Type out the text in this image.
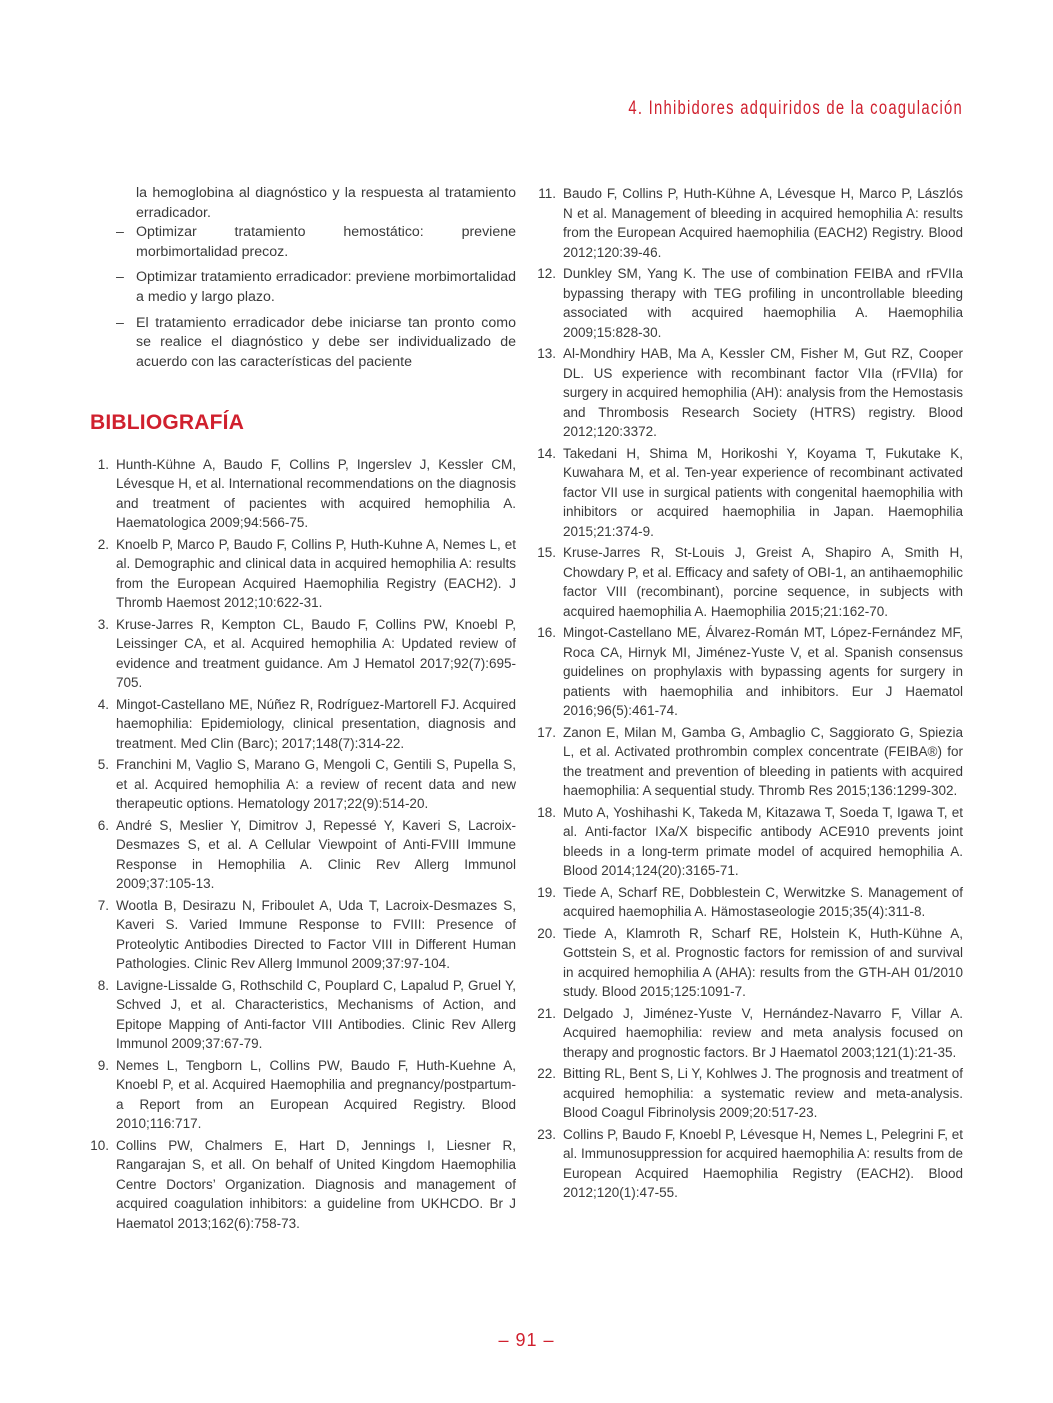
4. Inhibidores adquiridos de la coagulación

la hemoglobina al diagnóstico y la respuesta al tratamiento erradicador.

– Optimizar tratamiento hemostático: previene morbimortalidad precoz.
– Optimizar tratamiento erradicador: previene morbimortalidad a medio y largo plazo.
– El tratamiento erradicador debe iniciarse tan pronto como se realice el diagnóstico y debe ser individualizado de acuerdo con las características del paciente
BIBLIOGRAFÍA
1. Hunth-Kühne A, Baudo F, Collins P, Ingerslev J, Kessler CM, Lévesque H, et al. International recommendations on the diagnosis and treatment of pacientes with acquired hemophilia A. Haematologica 2009;94:566-75.
2. Knoelb P, Marco P, Baudo F, Collins P, Huth-Kuhne A, Nemes L, et al. Demographic and clinical data in acquired hemophilia A: results from the European Acquired Haemophilia Registry (EACH2). J Thromb Haemost 2012;10:622-31.
3. Kruse-Jarres R, Kempton CL, Baudo F, Collins PW, Knoebl P, Leissinger CA, et al. Acquired hemophilia A: Updated review of evidence and treatment guidance. Am J Hematol 2017;92(7):695-705.
4. Mingot-Castellano ME, Núñez R, Rodríguez-Martorell FJ. Acquired haemophilia: Epidemiology, clinical presentation, diagnosis and treatment. Med Clin (Barc); 2017;148(7):314-22.
5. Franchini M, Vaglio S, Marano G, Mengoli C, Gentili S, Pupella S, et al. Acquired hemophilia A: a review of recent data and new therapeutic options. Hematology 2017;22(9):514-20.
6. André S, Meslier Y, Dimitrov J, Repessé Y, Kaveri S, Lacroix-Desmazes S, et al. A Cellular Viewpoint of Anti-FVIII Immune Response in Hemophilia A. Clinic Rev Allerg Immunol 2009;37:105-13.
7. Wootla B, Desirazu N, Friboulet A, Uda T, Lacroix-Desmazes S, Kaveri S. Varied Immune Response to FVIII: Presence of Proteolytic Antibodies Directed to Factor VIII in Different Human Pathologies. Clinic Rev Allerg Immunol 2009;37:97-104.
8. Lavigne-Lissalde G, Rothschild C, Pouplard C, Lapalud P, Gruel Y, Schved J, et al. Characteristics, Mechanisms of Action, and Epitope Mapping of Anti-factor VIII Antibodies. Clinic Rev Allerg Immunol 2009;37:67-79.
9. Nemes L, Tengborn L, Collins PW, Baudo F, Huth-Kuehne A, Knoebl P, et al. Acquired Haemophilia and pregnancy/postpartum- a Report from an European Acquired Registry. Blood 2010;116:717.
10. Collins PW, Chalmers E, Hart D, Jennings I, Liesner R, Rangarajan S, et all. On behalf of United Kingdom Haemophilia Centre Doctors’ Organization. Diagnosis and management of acquired coagulation inhibitors: a guideline from UKHCDO. Br J Haematol 2013;162(6):758-73.
11. Baudo F, Collins P, Huth-Kühne A, Lévesque H, Marco P, Lászlós N et al. Management of bleeding in acquired hemophilia A: results from the European Acquired haemophilia (EACH2) Registry. Blood 2012;120:39-46.
12. Dunkley SM, Yang K. The use of combination FEIBA and rFVIIa bypassing therapy with TEG profiling in uncontrollable bleeding associated with acquired haemophilia A. Haemophilia 2009;15:828-30.
13. Al-Mondhiry HAB, Ma A, Kessler CM, Fisher M, Gut RZ, Cooper DL. US experience with recombinant factor VIIa (rFVIIa) for surgery in acquired hemophilia (AH): analysis from the Hemostasis and Thrombosis Research Society (HTRS) registry. Blood 2012;120:3372.
14. Takedani H, Shima M, Horikoshi Y, Koyama T, Fukutake K, Kuwahara M, et al. Ten-year experience of recombinant activated factor VII use in surgical patients with congenital haemophilia with inhibitors or acquired haemophilia in Japan. Haemophilia 2015;21:374-9.
15. Kruse-Jarres R, St-Louis J, Greist A, Shapiro A, Smith H, Chowdary P, et al. Efficacy and safety of OBI-1, an antihaemophilic factor VIII (recombinant), porcine sequence, in subjects with acquired haemophilia A. Haemophilia 2015;21:162-70.
16. Mingot-Castellano ME, Álvarez-Román MT, López-Fernández MF, Roca CA, Hirnyk MI, Jiménez-Yuste V, et al. Spanish consensus guidelines on prophylaxis with bypassing agents for surgery in patients with haemophilia and inhibitors. Eur J Haematol 2016;96(5):461-74.
17. Zanon E, Milan M, Gamba G, Ambaglio C, Saggiorato G, Spiezia L, et al. Activated prothrombin complex concentrate (FEIBA®) for the treatment and prevention of bleeding in patients with acquired haemophilia: A sequential study. Thromb Res 2015;136:1299-302.
18. Muto A, Yoshihashi K, Takeda M, Kitazawa T, Soeda T, Igawa T, et al. Anti-factor IXa/X bispecific antibody ACE910 prevents joint bleeds in a long-term primate model of acquired hemophilia A. Blood 2014;124(20):3165-71.
19. Tiede A, Scharf RE, Dobblestein C, Werwitzke S. Management of acquired haemophilia A. Hämostaseologie 2015;35(4):311-8.
20. Tiede A, Klamroth R, Scharf RE, Holstein K, Huth-Kühne A, Gottstein S, et al. Prognostic factors for remission of and survival in acquired hemophilia A (AHA): results from the GTH-AH 01/2010 study. Blood 2015;125:1091-7.
21. Delgado J, Jiménez-Yuste V, Hernández-Navarro F, Villar A. Acquired haemophilia: review and meta analysis focused on therapy and prognostic factors. Br J Haematol 2003;121(1):21-35.
22. Bitting RL, Bent S, Li Y, Kohlwes J. The prognosis and treatment of acquired hemophilia: a systematic review and meta-analysis. Blood Coagul Fibrinolysis 2009;20:517-23.
23. Collins P, Baudo F, Knoebl P, Lévesque H, Nemes L, Pelegrini F, et al. Immunosuppression for acquired haemophilia A: results from de European Acquired Haemophilia Registry (EACH2). Blood 2012;120(1):47-55.
– 91 –
